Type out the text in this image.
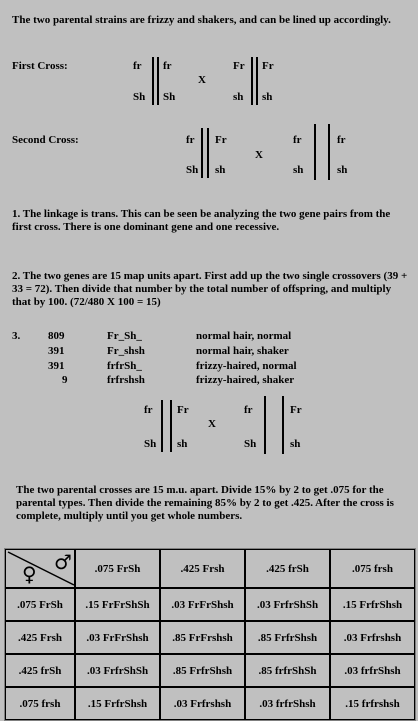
The two parental strains are frizzy and shakers, and can be lined up accordingly.
First Cross:	fr fr
Sh Sh
X
Fr Fr
sh sh
Second Cross:	fr Fr
Sh sh
X
fr	fr
sh	sh
1. The linkage is trans. This can be seen be analyzing the two gene pairs from the first cross. There is one dominant gene and one recessive.
2. The two genes are 15 map units apart. First add up the two single crossovers (39 + 33 = 72). Then divide that number by the total number of offspring, and multiply that by 100. (72/480 X 100 = 15)
3.	809	Fr_Sh_	normal hair, normal
391	Fr_shsh	normal hair, shaker
391	frfrSh_	frizzy-haired, normal
9	frfrshsh	frizzy-haired, shaker
fr Fr
Sh sh
X
fr	Fr
Sh	sh
The two parental crosses are 15 m.u. apart. Divide 15% by 2 to get .075 for the parental types. Then divide the remaining 85% by 2 to get .425. After the cross is complete, multiply until you get whole numbers.
♀ ♂	.075 FrSh	.425 Frsh	.425 frSh	.075 frsh
.075 FrSh	.15 FrFrShSh	.03 FrFrShsh	.03 FrfrShSh	.15 FrfrShsh
.425 Frsh	.03 FrFrShsh	.85 FrFrshsh	.85 FrfrShsh	.03 Frfrshsh
.425 frSh	.03 FrfrShSh	.85 FrfrShsh	.85 frfrShSh	.03 frfrShsh
.075 frsh	.15 FrfrShsh	.03 Frfrshsh	.03 frfrShsh	.15 frfrshsh
